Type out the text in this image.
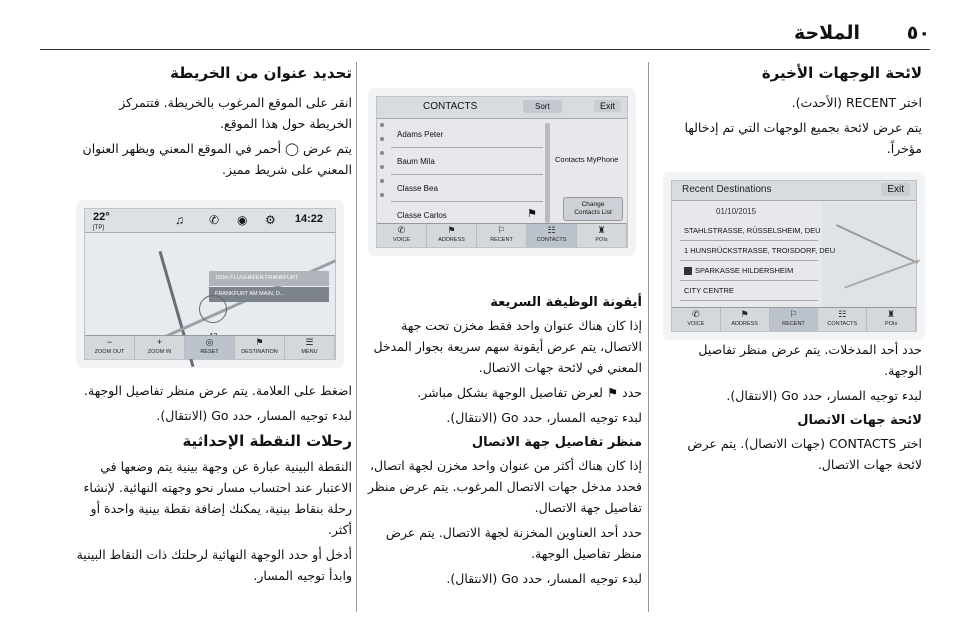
٥٠
الملاحة
لائحة الوجهات الأخيرة

اختر RECENT (الأحدث).

يتم عرض لائحة بجميع الوجهات التي تم إدخالها مؤخراً.

حدد أحد المدخلات. يتم عرض منظر تفاصيل الوجهة.

لبدء توجيه المسار، حدد Go (الانتقال).

لائحة جهات الاتصال

اختر CONTACTS (جهات الاتصال). يتم عرض لائحة جهات الاتصال.

Recent Destinations	Exit
01/10/2015
STAHLSTRASSE, RÜSSELSHEIM, DEU
1 HUNSRÜCKSTRASSE, TROISDORF, DEU
SPARKASSE HILDERSHEIM
CITY CENTRE
✆
VOICE
⚑
ADDRESS
⚐
RECENT
☷
CONTACTS
♜
POIs
أيقونة الوظيفة السريعة

إذا كان هناك عنوان واحد فقط مخزن تحت جهة الاتصال، يتم عرض أيقونة سهم سريعة بجوار المدخل المعني في لائحة جهات الاتصال.

حدد ⚑ لعرض تفاصيل الوجهة بشكل مباشر.

لبدء توجيه المسار، حدد Go (الانتقال).

منظر تفاصيل جهة الاتصال

إذا كان هناك أكثر من عنوان واحد مخزن لجهة اتصال، فحدد مدخل جهات الاتصال المرغوب. يتم عرض منظر تفاصيل جهة الاتصال.

حدد أحد العناوين المخزنة لجهة الاتصال. يتم عرض منظر تفاصيل الوجهة.

لبدء توجيه المسار، حدد Go (الانتقال).

CONTACTS	Sort	Exit
Adams Peter
Baum Mila
Classe Bea
Classe Carlos	⚑
Contacts MyPhone
Change
Contacts List
✆
VOICE
⚑
ADDRESS
⚐
RECENT
☷
CONTACTS
♜
POIs
تحديد عنوان من الخريطة

انقر على الموقع المرغوب بالخريطة. فتتمركز الخريطة حول هذا الموقع.

يتم عرض ◯ أحمر في الموقع المعني ويظهر العنوان المعني على شريط مميز.

اضغط على العلامة. يتم عرض منظر تفاصيل الوجهة.

لبدء توجيه المسار، حدد Go (الانتقال).

رحلات النقطة الإحداثية

النقطة البينية عبارة عن وجهة بينية يتم وضعها في الاعتبار عند احتساب مسار نحو وجهته النهائية. لإنشاء رحلة بنقاط بينية، يمكنك إضافة نقطة بينية واحدة أو أكثر.

أدخل أو حدد الوجهة النهائية لرحلتك ذات النقاط البينية وابدأ توجيه المسار.

150m FLUGHAFEN FRANKFURT
FRANKFURT AM MAIN, D...
22°
[TP]
♫ ✆ ◉ ⚙ 14:22
−
ZOOM OUT
+
ZOOM IN
◎
RESET
⚑
DESTINATION
☰
MENU
